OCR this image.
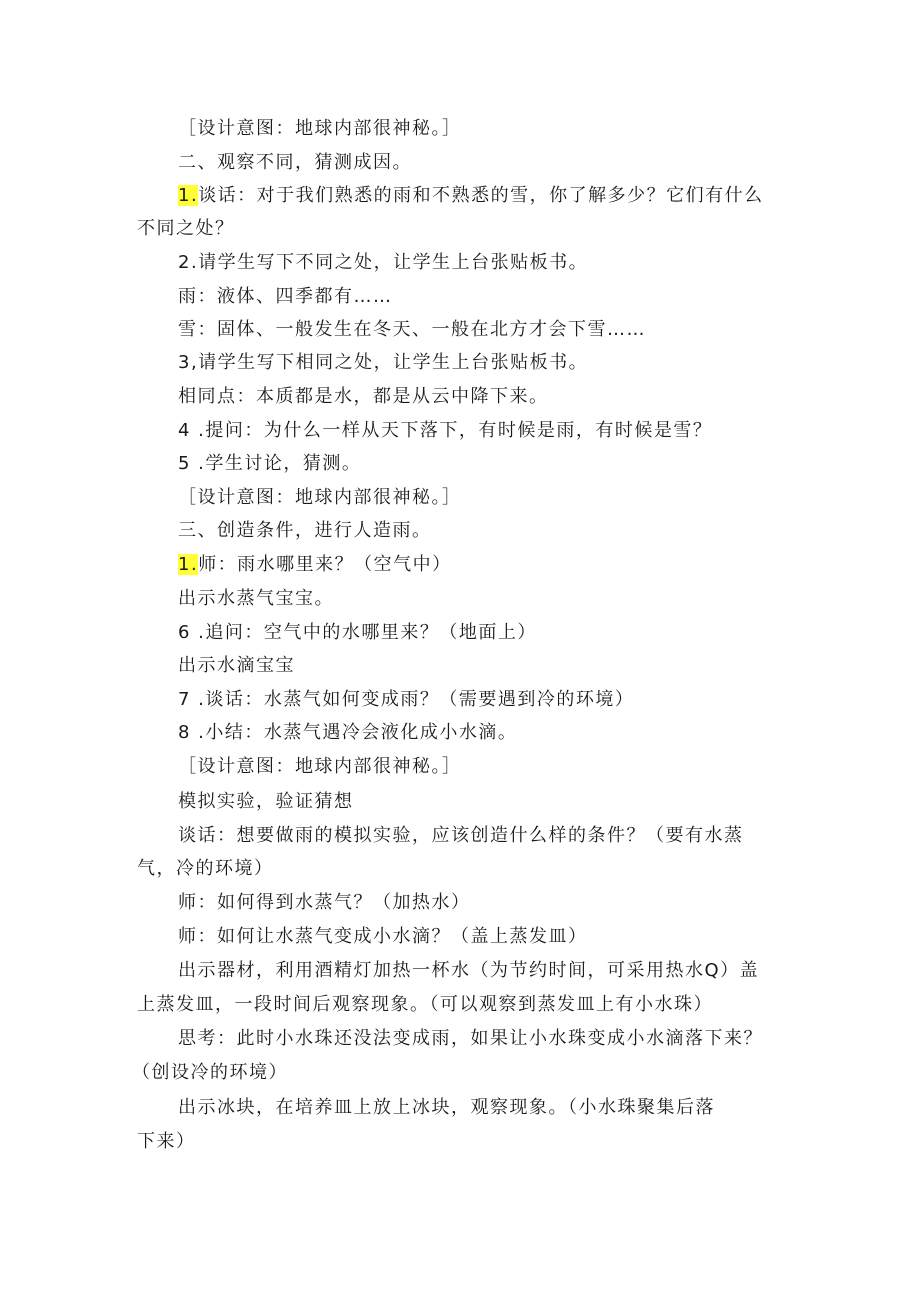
［设计意图：地球内部很神秘。］
二、观察不同，猜测成因。
1.谈话：对于我们熟悉的雨和不熟悉的雪，你了解多少？它们有什么
不同之处？
2.请学生写下不同之处，让学生上台张贴板书。
雨：液体、四季都有……
雪：固体、一般发生在冬天、一般在北方才会下雪……
3,请学生写下相同之处，让学生上台张贴板书。
相同点：本质都是水，都是从云中降下来。
4 .提问：为什么一样从天下落下，有时候是雨，有时候是雪？
5 .学生讨论，猜测。
［设计意图：地球内部很神秘。］
三、创造条件，进行人造雨。
1.师：雨水哪里来？（空气中）
出示水蒸气宝宝。
6 .追问：空气中的水哪里来？（地面上）
出示水滴宝宝
7 .谈话：水蒸气如何变成雨？（需要遇到冷的环境）
8 .小结：水蒸气遇冷会液化成小水滴。
［设计意图：地球内部很神秘。］
模拟实验，验证猜想
谈话：想要做雨的模拟实验，应该创造什么样的条件？（要有水蒸
气，冷的环境）
师：如何得到水蒸气？（加热水）
师：如何让水蒸气变成小水滴？（盖上蒸发皿）
出示器材，利用酒精灯加热一杯水（为节约时间，可采用热水Q）盖
上蒸发皿，一段时间后观察现象。（可以观察到蒸发皿上有小水珠）
思考：此时小水珠还没法变成雨，如果让小水珠变成小水滴落下来？
（创设冷的环境）
出示冰块，在培养皿上放上冰块，观察现象。（小水珠聚集后落
下来）
